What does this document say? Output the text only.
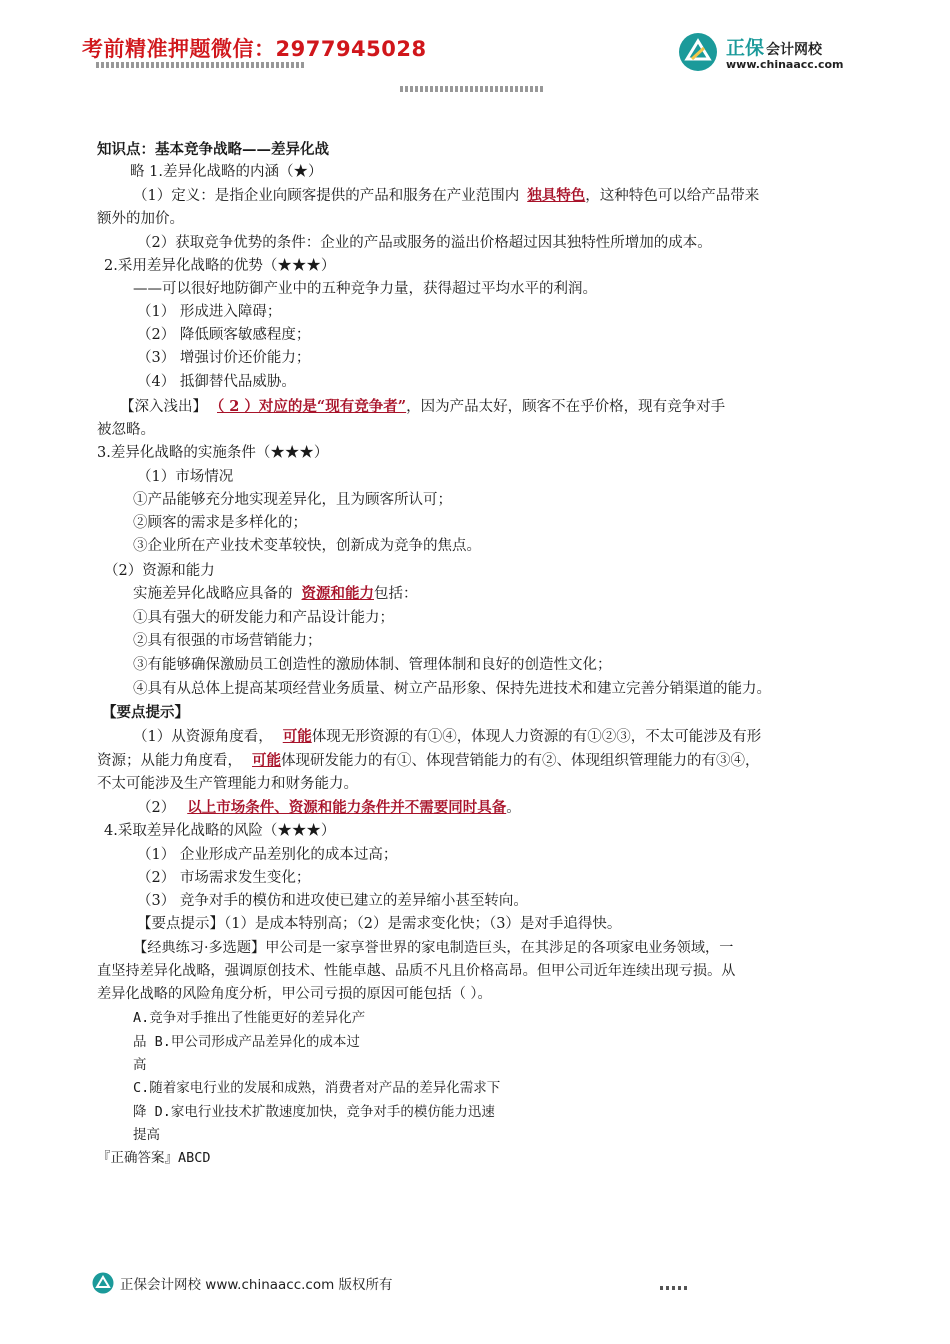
考前精准押题微信：2977945028	正保 会计网校
www.chinaacc.com
知识点：基本竞争战略——差异化战
略 1.差异化战略的内涵（★）
（1）定义：是指企业向顾客提供的产品和服务在产业范围内 独具特色，这种特色可以给产品带来
额外的加价。
（2）获取竞争优势的条件：企业的产品或服务的溢出价格超过因其独特性所增加的成本。
2.采用差异化战略的优势（★★★）
——可以很好地防御产业中的五种竞争力量，获得超过平均水平的利润。
（1） 形成进入障碍；
（2） 降低顾客敏感程度；
（3） 增强讨价还价能力；
（4） 抵御替代品威胁。
【深入浅出】 （ 2 ）对应的是“现有竞争者”，因为产品太好，顾客不在乎价格，现有竞争对手
被忽略。
3.差异化战略的实施条件（★★★）
（1）市场情况
①产品能够充分地实现差异化，且为顾客所认可；
②顾客的需求是多样化的；
③企业所在产业技术变革较快，创新成为竞争的焦点。
（2）资源和能力
实施差异化战略应具备的 资源和能力包括：
①具有强大的研发能力和产品设计能力；
②具有很强的市场营销能力；
③有能够确保激励员工创造性的激励体制、管理体制和良好的创造性文化；
④具有从总体上提高某项经营业务质量、树立产品形象、保持先进技术和建立完善分销渠道的能力。
【要点提示】
（1）从资源角度看， 可能体现无形资源的有①④，体现人力资源的有①②③，不太可能涉及有形
资源；从能力角度看， 可能体现研发能力的有①、体现营销能力的有②、体现组织管理能力的有③④，
不太可能涉及生产管理能力和财务能力。
（2） 以上市场条件、资源和能力条件并不需要同时具备。
4.采取差异化战略的风险（★★★）
（1） 企业形成产品差别化的成本过高；
（2） 市场需求发生变化；
（3） 竞争对手的模仿和进攻使已建立的差异缩小甚至转向。
【要点提示】（1）是成本特别高；（2）是需求变化快；（3）是对手追得快。
【经典练习·多选题】甲公司是一家享誉世界的家电制造巨头，在其涉足的各项家电业务领域，一
直坚持差异化战略，强调原创技术、性能卓越、品质不凡且价格高昂。但甲公司近年连续出现亏损。从
差异化战略的风险角度分析，甲公司亏损的原因可能包括（ ）。
A.竞争对手推出了性能更好的差异化产
品 B.甲公司形成产品差异化的成本过
高
C.随着家电行业的发展和成熟，消费者对产品的差异化需求下
降 D.家电行业技术扩散速度加快，竞争对手的模仿能力迅速
提高
『正确答案』ABCD
正保会计网校 www.chinaacc.com 版权所有
